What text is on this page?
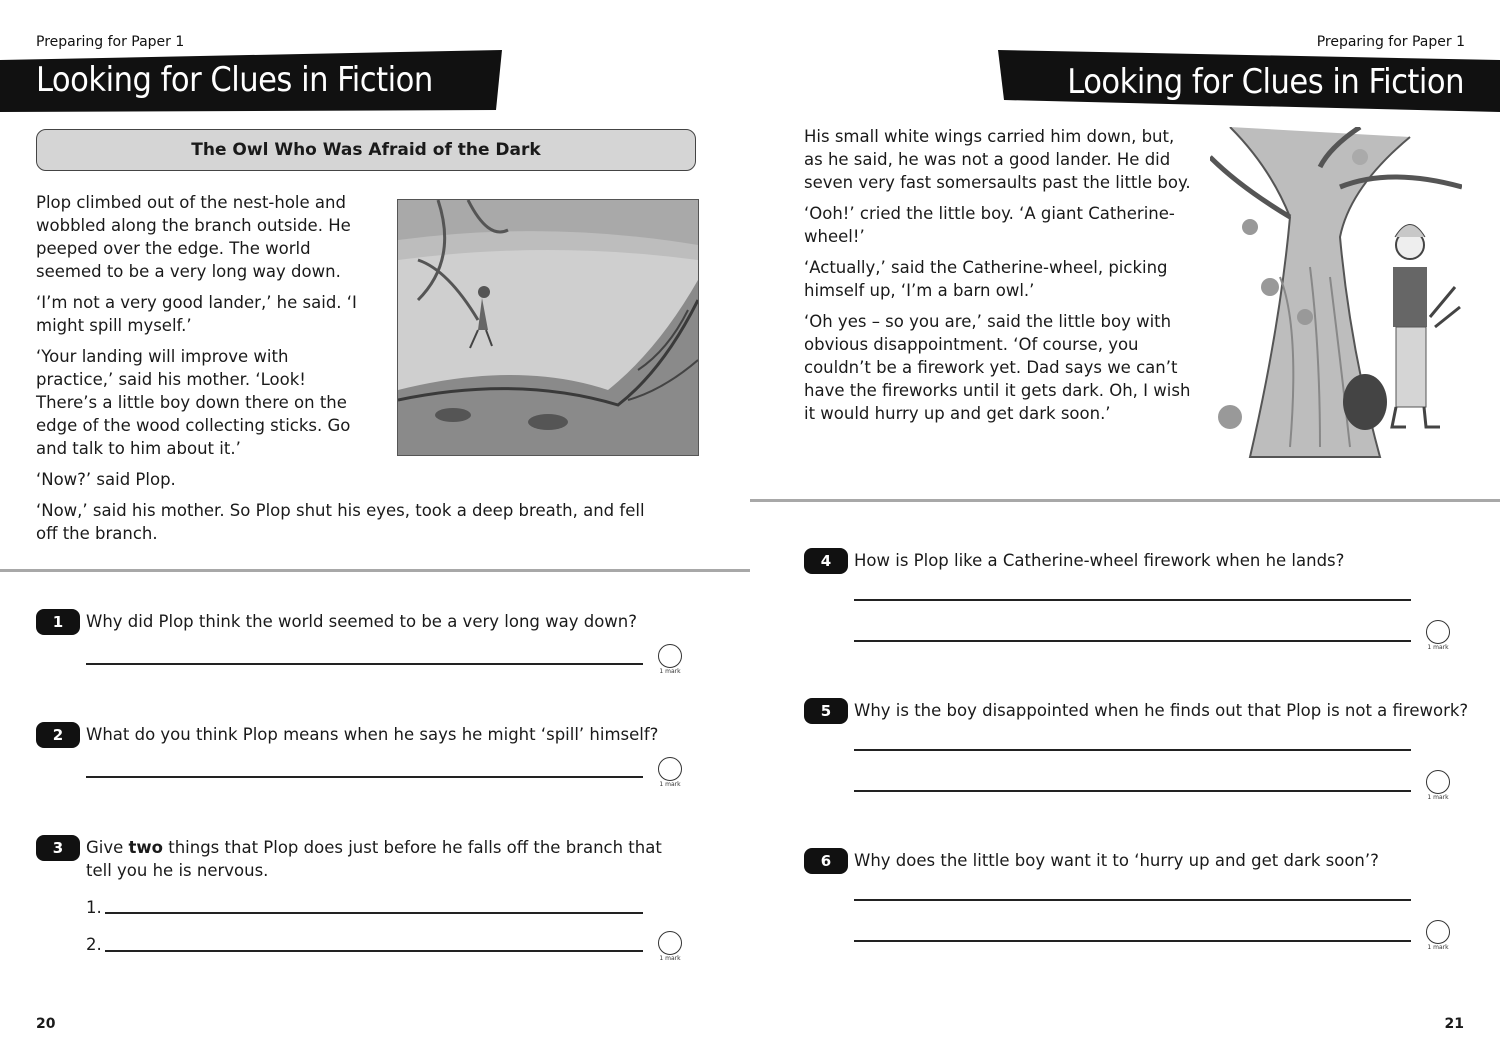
Preparing for Paper 1
Looking for Clues in Fiction
The Owl Who Was Afraid of the Dark

Plop climbed out of the nest-hole and wobbled along the branch outside. He peeped over the edge. The world seemed to be a very long way down.

‘I’m not a very good lander,’ he said. ‘I might spill myself.’

‘Your landing will improve with practice,’ said his mother. ‘Look! There’s a little boy down there on the edge of the wood collecting sticks. Go and talk to him about it.’

‘Now?’ said Plop.

‘Now,’ said his mother. So Plop shut his eyes, took a deep breath, and fell off the branch.

1	Why did Plop think the world seemed to be a very long way down?
1 mark
2	What do you think Plop means when he says he might ‘spill’ himself?
1 mark
3	Give two things that Plop does just before he falls off the branch that tell you he is nervous.
1.
2.
1 mark
20
Preparing for Paper 1
Looking for Clues in Fiction

His small white wings carried him down, but, as he said, he was not a good lander. He did seven very fast somersaults past the little boy.

‘Ooh!’ cried the little boy. ‘A giant Catherine-wheel!’

‘Actually,’ said the Catherine-wheel, picking himself up, ‘I’m a barn owl.’

‘Oh yes – so you are,’ said the little boy with obvious disappointment. ‘Of course, you couldn’t be a firework yet. Dad says we can’t have the fireworks until it gets dark. Oh, I wish it would hurry up and get dark soon.’

4	How is Plop like a Catherine-wheel firework when he lands?
1 mark
5	Why is the boy disappointed when he finds out that Plop is not a firework?
1 mark
6	Why does the little boy want it to ‘hurry up and get dark soon’?
1 mark
21
